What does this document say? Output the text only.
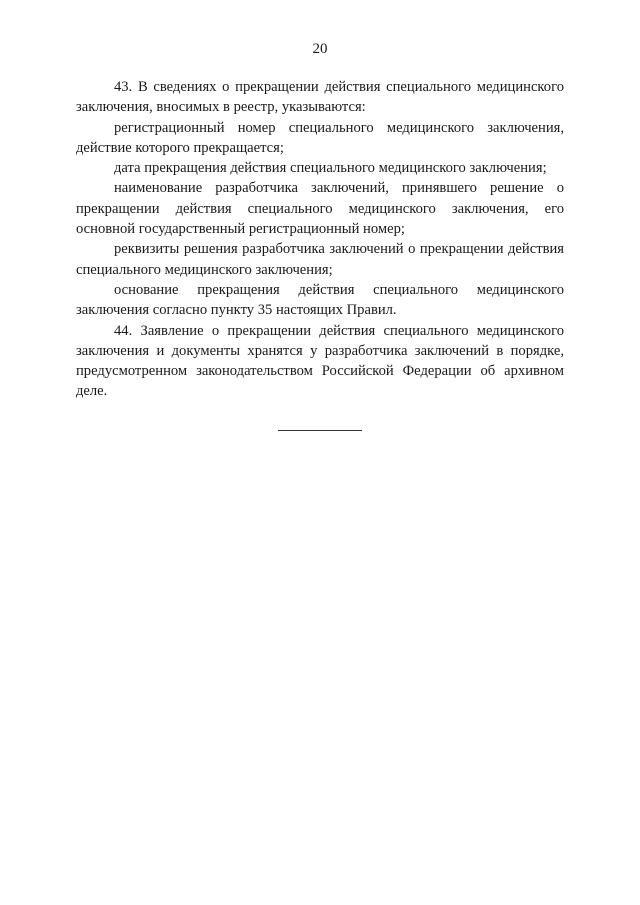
20

43. В сведениях о прекращении действия специального медицинского заключения, вносимых в реестр, указываются:

регистрационный номер специального медицинского заключения, действие которого прекращается;

дата прекращения действия специального медицинского заключения;

наименование разработчика заключений, принявшего решение о прекращении действия специального медицинского заключения, его основной государственный регистрационный номер;

реквизиты решения разработчика заключений о прекращении действия специального медицинского заключения;

основание прекращения действия специального медицинского заключения согласно пункту 35 настоящих Правил.

44. Заявление о прекращении действия специального медицинского заключения и документы хранятся у разработчика заключений в порядке, предусмотренном законодательством Российской Федерации об архивном деле.
